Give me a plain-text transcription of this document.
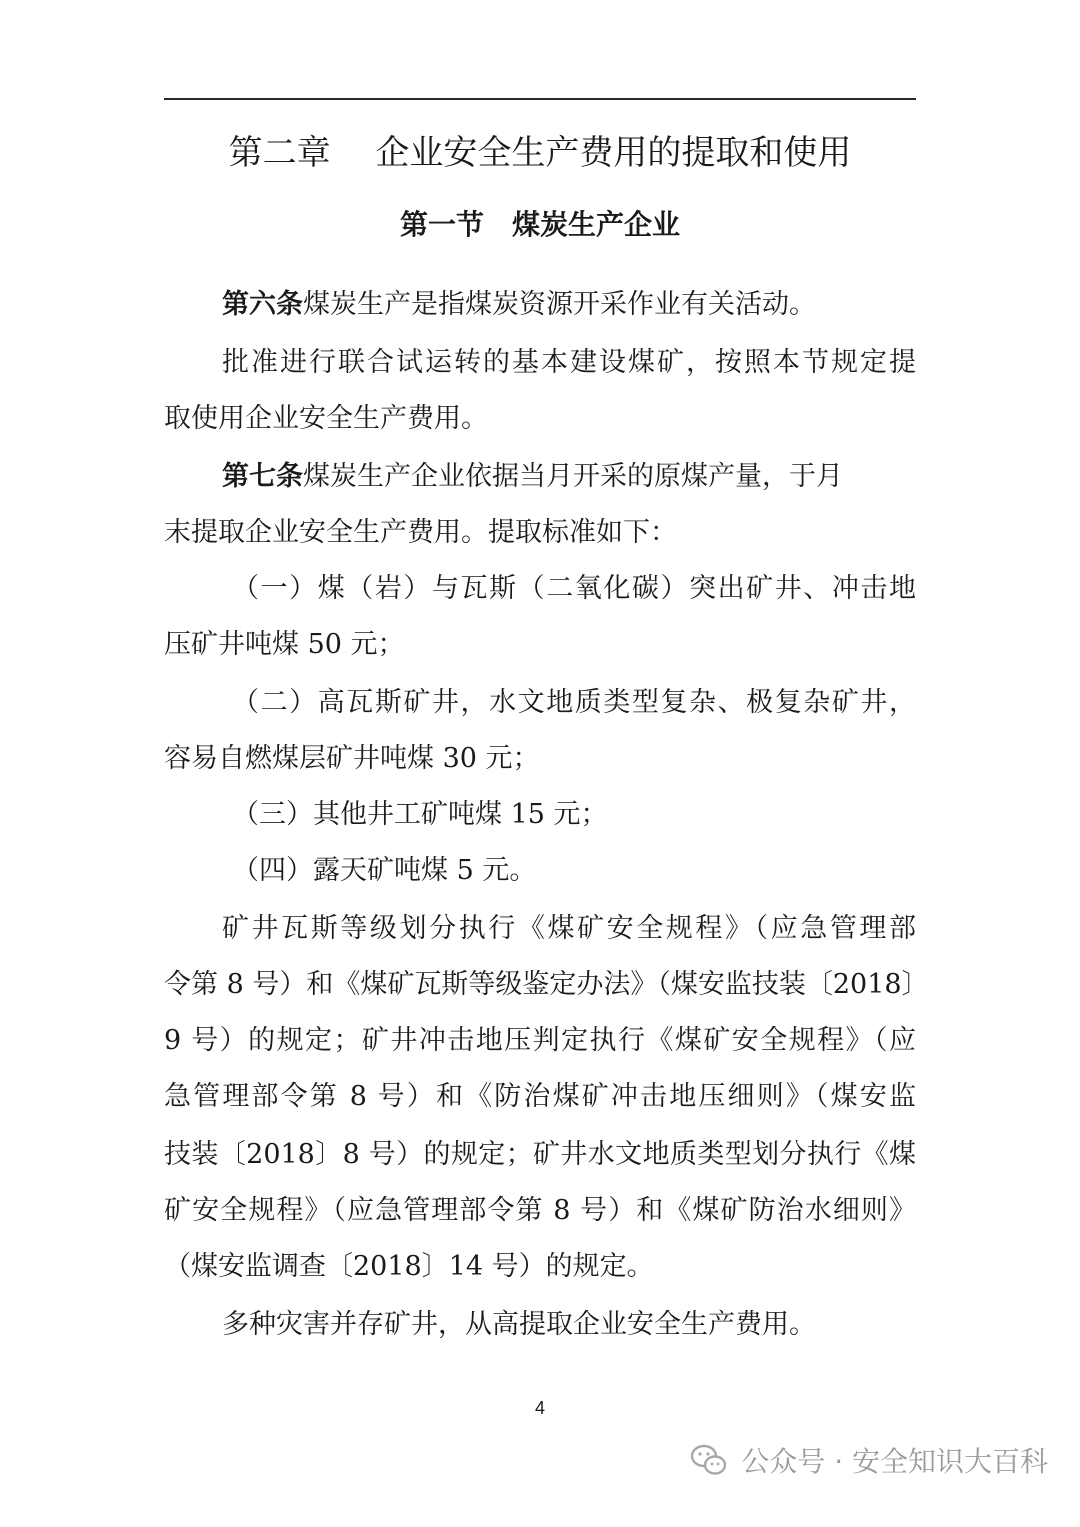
第二章　 企业安全生产费用的提取和使用
第一节　煤炭生产企业
第六条煤炭生产是指煤炭资源开采作业有关活动。
批准进行联合试运转的基本建设煤矿，按照本节规定提
取使用企业安全生产费用。
第七条煤炭生产企业依据当月开采的原煤产量，于月
末提取企业安全生产费用。提取标准如下：
（一）煤（岩）与瓦斯（二氧化碳）突出矿井、冲击地
压矿井吨煤 50 元；
（二）高瓦斯矿井，水文地质类型复杂、极复杂矿井，
容易自燃煤层矿井吨煤 30 元；
（三）其他井工矿吨煤 15 元；
（四）露天矿吨煤 5 元。
矿井瓦斯等级划分执行《煤矿安全规程》（应急管理部
令第 8 号）和《煤矿瓦斯等级鉴定办法》（煤安监技装〔2018〕
9 号）的规定；矿井冲击地压判定执行《煤矿安全规程》（应
急管理部令第 8 号）和《防治煤矿冲击地压细则》（煤安监
技装〔2018〕8 号）的规定；矿井水文地质类型划分执行《煤
矿安全规程》（应急管理部令第 8 号）和《煤矿防治水细则》
（煤安监调查〔2018〕14 号）的规定。
多种灾害并存矿井，从高提取企业安全生产费用。
4
公众号 · 安全知识大百科
